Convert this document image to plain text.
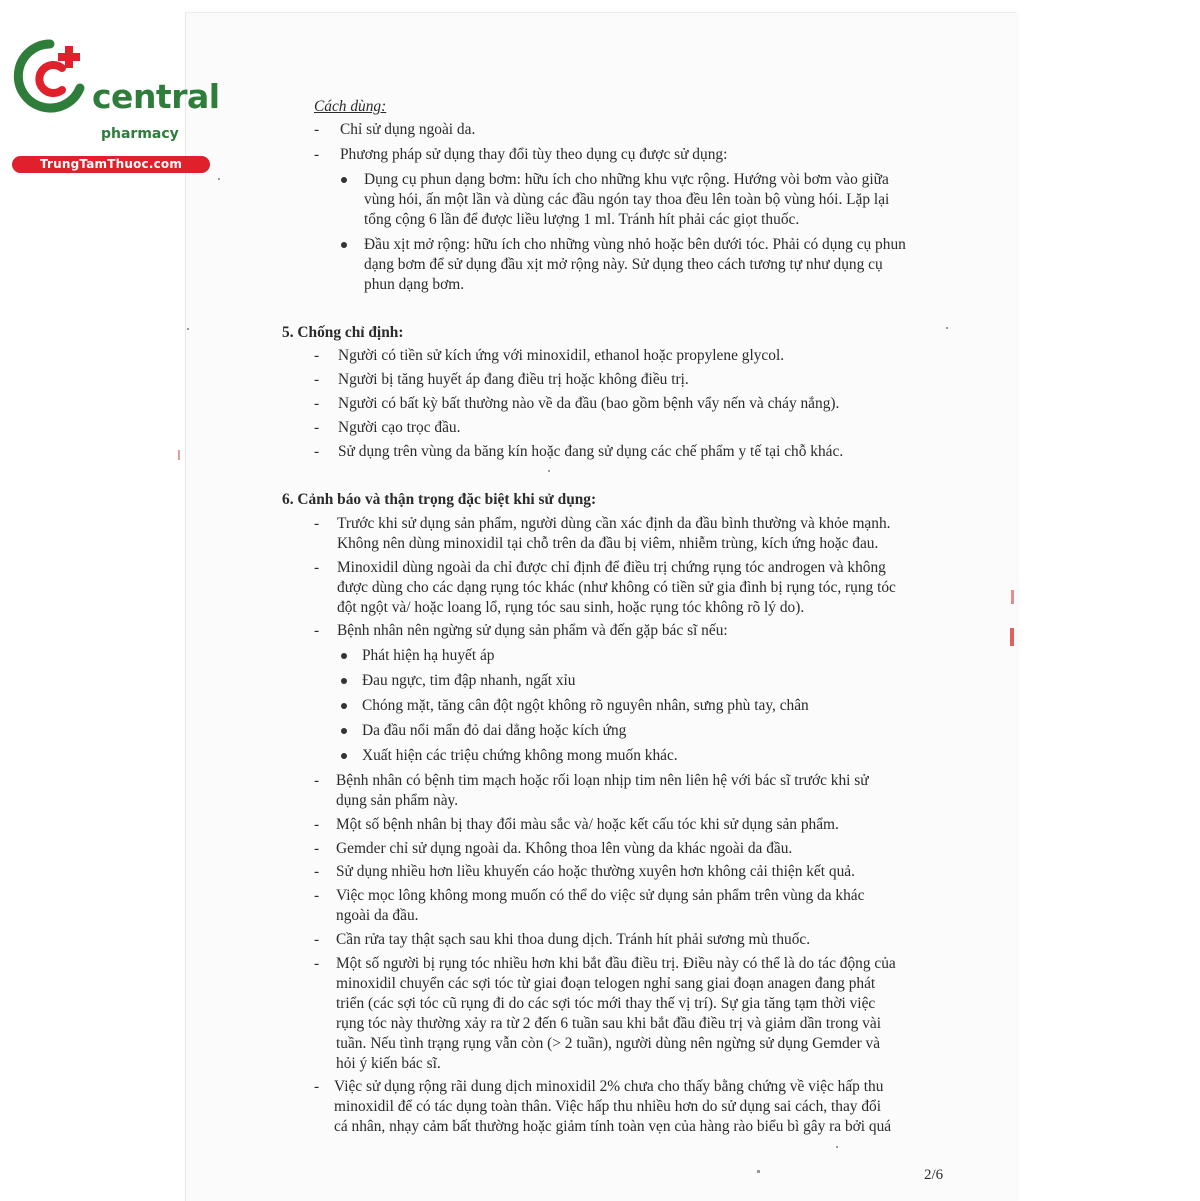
central
pharmacy
TrungTamThuoc.com
Cách dùng:
- Chỉ sử dụng ngoài da.
- Phương pháp sử dụng thay đổi tùy theo dụng cụ được sử dụng:
Dụng cụ phun dạng bơm: hữu ích cho những khu vực rộng. Hướng vòi bơm vào giữa
vùng hói, ấn một lần và dùng các đầu ngón tay thoa đều lên toàn bộ vùng hói. Lặp lại
tổng cộng 6 lần để được liều lượng 1 ml. Tránh hít phải các giọt thuốc.
Đầu xịt mở rộng: hữu ích cho những vùng nhỏ hoặc bên dưới tóc. Phải có dụng cụ phun
dạng bơm để sử dụng đầu xịt mở rộng này. Sử dụng theo cách tương tự như dụng cụ
phun dạng bơm.
5. Chống chỉ định:
- Người có tiền sử kích ứng với minoxidil, ethanol hoặc propylene glycol.
- Người bị tăng huyết áp đang điều trị hoặc không điều trị.
- Người có bất kỳ bất thường nào về da đầu (bao gồm bệnh vẩy nến và cháy nắng).
- Người cạo trọc đầu.
- Sử dụng trên vùng da băng kín hoặc đang sử dụng các chế phẩm y tế tại chỗ khác.
6. Cảnh báo và thận trọng đặc biệt khi sử dụng:
- Trước khi sử dụng sản phẩm, người dùng cần xác định da đầu bình thường và khỏe mạnh.
Không nên dùng minoxidil tại chỗ trên da đầu bị viêm, nhiễm trùng, kích ứng hoặc đau.
- Minoxidil dùng ngoài da chỉ được chỉ định để điều trị chứng rụng tóc androgen và không
được dùng cho các dạng rụng tóc khác (như không có tiền sử gia đình bị rụng tóc, rụng tóc
đột ngột và/ hoặc loang lổ, rụng tóc sau sinh, hoặc rụng tóc không rõ lý do).
- Bệnh nhân nên ngừng sử dụng sản phẩm và đến gặp bác sĩ nếu:
Phát hiện hạ huyết áp
Đau ngực, tim đập nhanh, ngất xỉu
Chóng mặt, tăng cân đột ngột không rõ nguyên nhân, sưng phù tay, chân
Da đầu nổi mẩn đỏ dai dẳng hoặc kích ứng
Xuất hiện các triệu chứng không mong muốn khác.
- Bệnh nhân có bệnh tim mạch hoặc rối loạn nhịp tim nên liên hệ với bác sĩ trước khi sử
dụng sản phẩm này.
- Một số bệnh nhân bị thay đổi màu sắc và/ hoặc kết cấu tóc khi sử dụng sản phẩm.
- Gemder chỉ sử dụng ngoài da. Không thoa lên vùng da khác ngoài da đầu.
- Sử dụng nhiều hơn liều khuyến cáo hoặc thường xuyên hơn không cải thiện kết quả.
- Việc mọc lông không mong muốn có thể do việc sử dụng sản phẩm trên vùng da khác
ngoài da đầu.
- Cần rửa tay thật sạch sau khi thoa dung dịch. Tránh hít phải sương mù thuốc.
- Một số người bị rụng tóc nhiều hơn khi bắt đầu điều trị. Điều này có thể là do tác động của
minoxidil chuyển các sợi tóc từ giai đoạn telogen nghỉ sang giai đoạn anagen đang phát
triển (các sợi tóc cũ rụng đi do các sợi tóc mới thay thế vị trí). Sự gia tăng tạm thời việc
rụng tóc này thường xảy ra từ 2 đến 6 tuần sau khi bắt đầu điều trị và giảm dần trong vài
tuần. Nếu tình trạng rụng vẫn còn (> 2 tuần), người dùng nên ngừng sử dụng Gemder và
hỏi ý kiến bác sĩ.
- Việc sử dụng rộng rãi dung dịch minoxidil 2% chưa cho thấy bằng chứng về việc hấp thu
minoxidil để có tác dụng toàn thân. Việc hấp thu nhiều hơn do sử dụng sai cách, thay đổi
cá nhân, nhạy cảm bất thường hoặc giảm tính toàn vẹn của hàng rào biểu bì gây ra bởi quá
2/6
